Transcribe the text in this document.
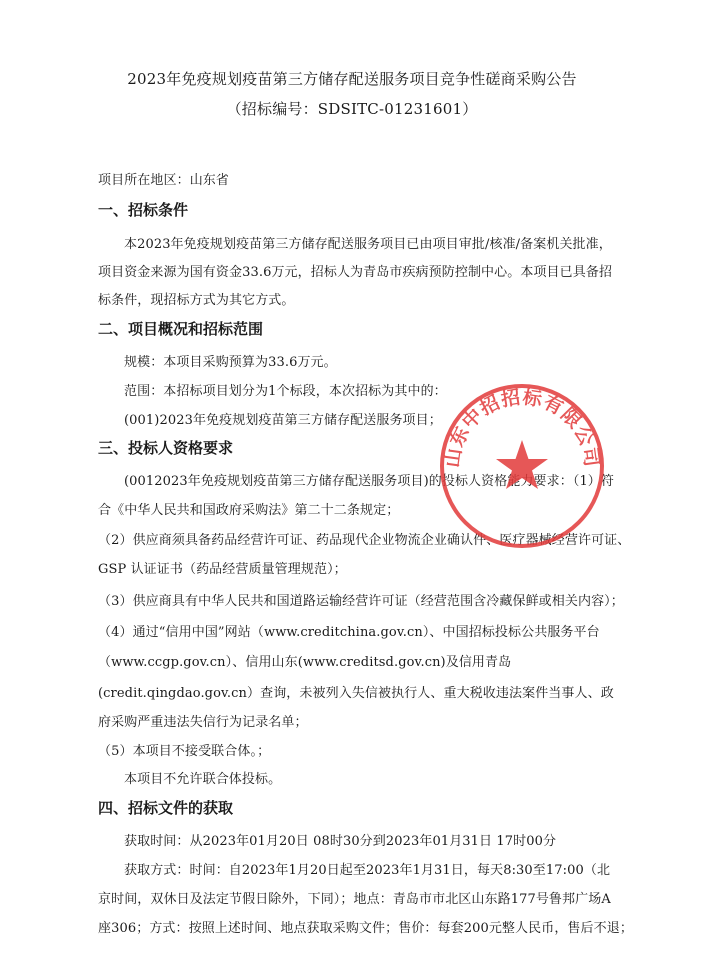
2023年免疫规划疫苗第三方储存配送服务项目竞争性磋商采购公告
（招标编号：SDSITC-01231601）
项目所在地区：山东省
一、招标条件
本2023年免疫规划疫苗第三方储存配送服务项目已由项目审批/核准/备案机关批准，
项目资金来源为国有资金33.6万元，招标人为青岛市疾病预防控制中心。本项目已具备招
标条件，现招标方式为其它方式。
二、项目概况和招标范围
规模：本项目采购预算为33.6万元。
范围：本招标项目划分为1个标段，本次招标为其中的：
(001)2023年免疫规划疫苗第三方储存配送服务项目；
三、投标人资格要求
(0012023年免疫规划疫苗第三方储存配送服务项目)的投标人资格能力要求：（1）符
合《中华人民共和国政府采购法》第二十二条规定；
（2）供应商须具备药品经营许可证、药品现代企业物流企业确认件、医疗器械经营许可证、
GSP 认证证书（药品经营质量管理规范）；
（3）供应商具有中华人民共和国道路运输经营许可证（经营范围含冷藏保鲜或相关内容）；
（4）通过“信用中国”网站（www.creditchina.gov.cn）、中国招标投标公共服务平台
（www.ccgp.gov.cn）、信用山东(www.creditsd.gov.cn)及信用青岛
(credit.qingdao.gov.cn）查询，未被列入失信被执行人、重大税收违法案件当事人、政
府采购严重违法失信行为记录名单；
（5）本项目不接受联合体。；
本项目不允许联合体投标。
四、招标文件的获取
获取时间：从2023年01月20日 08时30分到2023年01月31日 17时00分
获取方式：时间：自2023年1月20日起至2023年1月31日，每天8:30至17:00（北
京时间，双休日及法定节假日除外，下同）；地点：青岛市市北区山东路177号鲁邦广场A
座306；方式：按照上述时间、地点获取采购文件；售价：每套200元整人民币，售后不退；
山东中招招标有限公司
